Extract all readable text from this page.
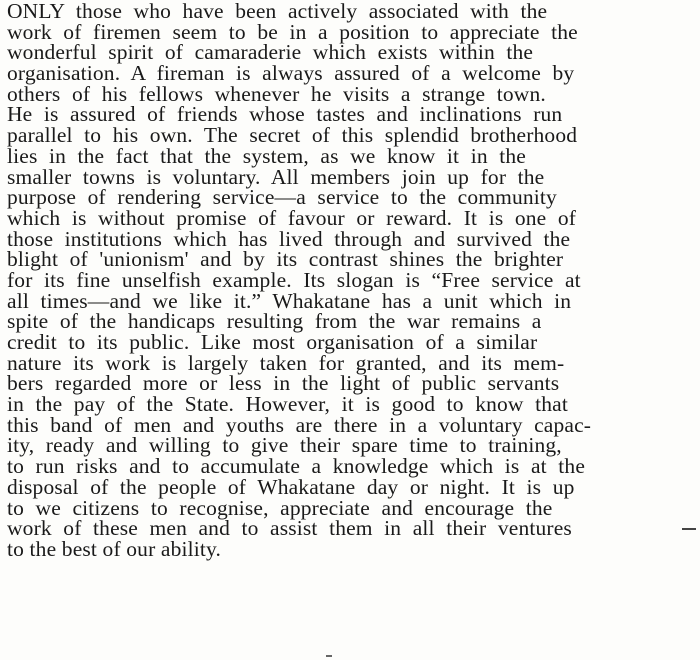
ONLY those who have been actively associated with the
work of firemen seem to be in a position to appreciate the
wonderful spirit of camaraderie which exists within the
organisation. A fireman is always assured of a welcome by
others of his fellows whenever he visits a strange town.
He is assured of friends whose tastes and inclinations run
parallel to his own. The secret of this splendid brotherhood
lies in the fact that the system, as we know it in the
smaller towns is voluntary. All members join up for the
purpose of rendering service—a service to the community
which is without promise of favour or reward. It is one of
those institutions which has lived through and survived the
blight of 'unionism' and by its contrast shines the brighter
for its fine unselfish example. Its slogan is “Free service at
all times—and we like it.” Whakatane has a unit which in
spite of the handicaps resulting from the war remains a
credit to its public. Like most organisation of a similar
nature its work is largely taken for granted, and its mem-
bers regarded more or less in the light of public servants
in the pay of the State. However, it is good to know that
this band of men and youths are there in a voluntary capac-
ity, ready and willing to give their spare time to training,
to run risks and to accumulate a knowledge which is at the
disposal of the people of Whakatane day or night. It is up
to we citizens to recognise, appreciate and encourage the
work of these men and to assist them in all their ventures
to the best of our ability.
